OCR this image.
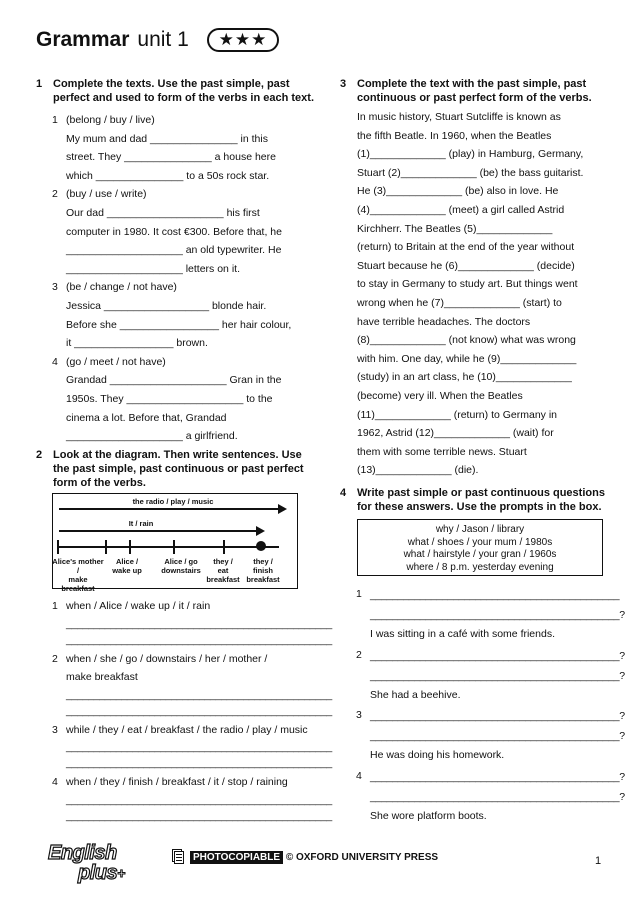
Grammar unit 1	★★★
1 Complete the texts. Use the past simple, past
perfect and used to form of the verbs in each text.
1 (belong / buy / live)
My mum and dad _______________ in this
street. They _______________ a house here
which _______________ to a 50s rock star.
2 (buy / use / write)
Our dad ____________________ his first
computer in 1980. It cost €300. Before that, he
____________________ an old typewriter. He
____________________ letters on it.
3 (be / change / not have)
Jessica __________________ blonde hair.
Before she _________________ her hair colour,
it _________________ brown.
4 (go / meet / not have)
Grandad ____________________ Gran in the
1950s. They ____________________ to the
cinema a lot. Before that, Grandad
____________________ a girlfriend.
2 Look at the diagram. Then write sentences. Use
the past simple, past continuous or past perfect
form of the verbs.
the radio / play / music
It / rain
Alice's mother /
make breakfast
Alice /
wake up
Alice / go
downstairs
they /
eat
breakfast
they /
finish
breakfast
1 when / Alice / wake up / it / rain
________________________________________________
________________________________________________
2 when / she / go / downstairs / her / mother /
make breakfast
________________________________________________
________________________________________________
3 while / they / eat / breakfast / the radio / play / music
________________________________________________
________________________________________________
4 when / they / finish / breakfast / it / stop / raining
________________________________________________
________________________________________________
3 Complete the text with the past simple, past
continuous or past perfect form of the verbs.
In music history, Stuart Sutcliffe is known as
the fifth Beatle. In 1960, when the Beatles
(1)_____________ (play) in Hamburg, Germany,
Stuart (2)_____________ (be) the bass guitarist.
He (3)_____________ (be) also in love. He
(4)_____________ (meet) a girl called Astrid
Kirchherr. The Beatles (5)_____________
(return) to Britain at the end of the year without
Stuart because he (6)_____________ (decide)
to stay in Germany to study art. But things went
wrong when he (7)_____________ (start) to
have terrible headaches. The doctors
(8)_____________ (not know) what was wrong
with him. One day, while he (9)_____________
(study) in an art class, he (10)_____________
(become) very ill. When the Beatles
(11)_____________ (return) to Germany in
1962, Astrid (12)_____________ (wait) for
them with some terrible news. Stuart
(13)_____________ (die).
4 Write past simple or past continuous questions
for these answers. Use the prompts in the box.
why / Jason / library
what / shoes / your mum / 1980s
what / hairstyle / your gran / 1960s
where / 8 p.m. yesterday evening
1 _____________________________________________
_____________________________________________?
I was sitting in a café with some friends.
2 _____________________________________________?
_____________________________________________?
She had a beehive.
3 _____________________________________________?
_____________________________________________?
He was doing his homework.
4 _____________________________________________?
_____________________________________________?
She wore platform boots.
English
plus+
PHOTOCOPIABLE © OXFORD UNIVERSITY PRESS	1
